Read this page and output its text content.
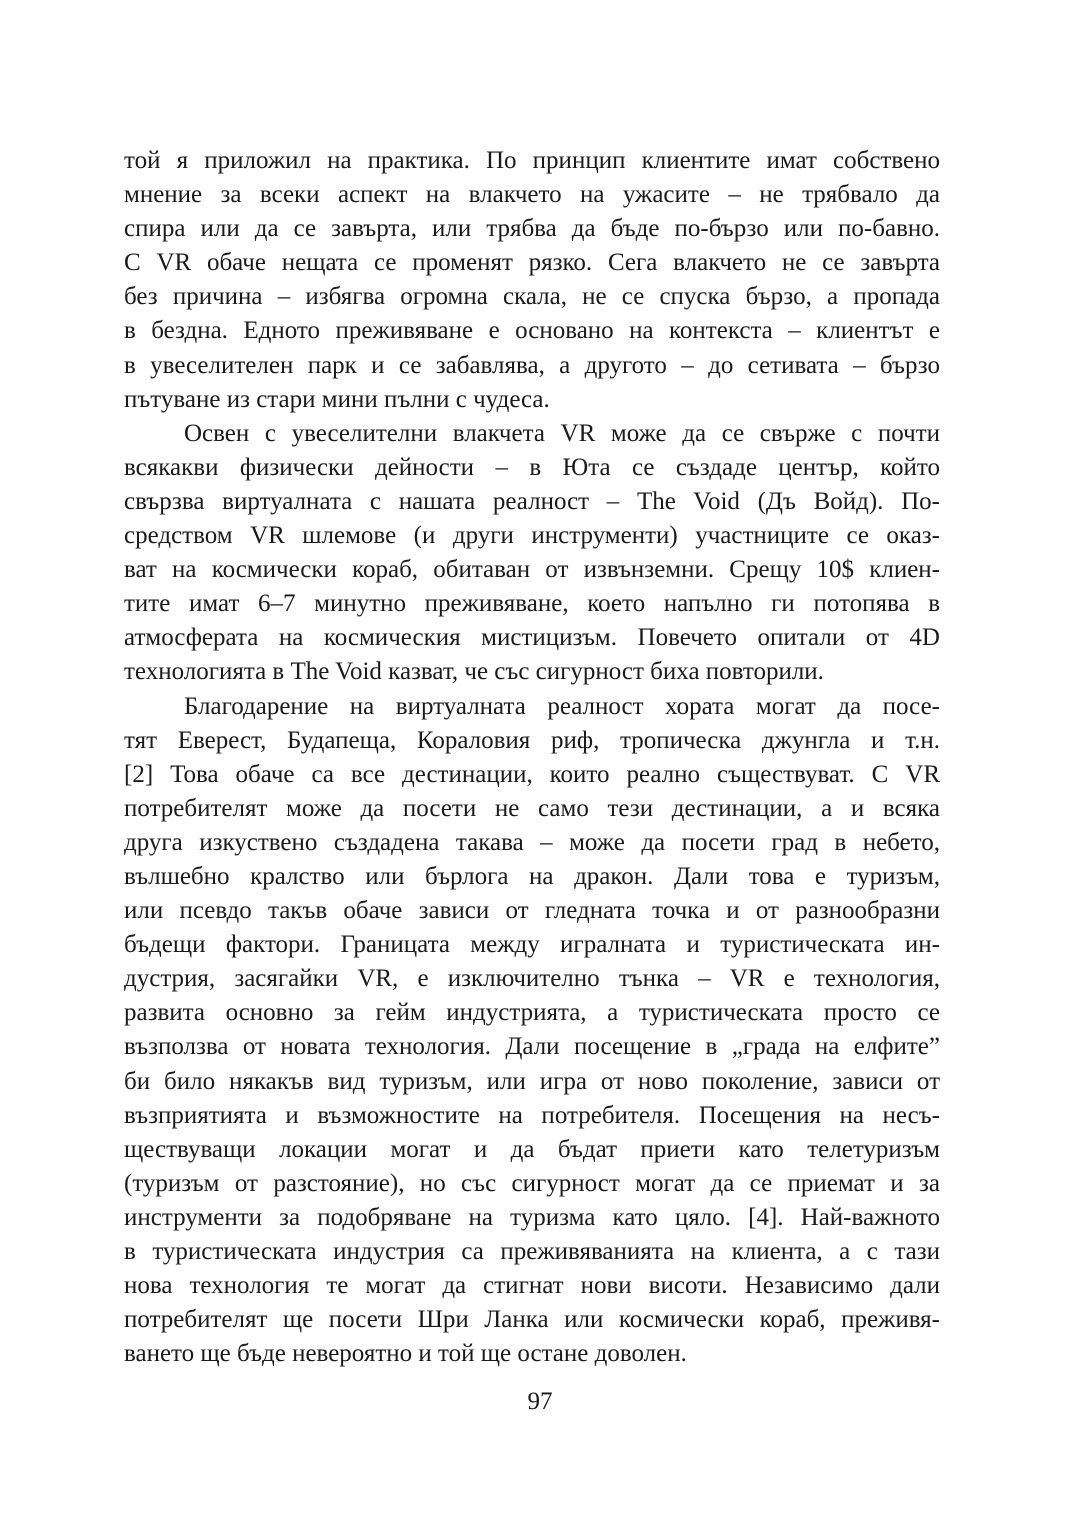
той я приложил на практика. По принцип клиентите имат собствено
мнение за всеки аспект на влакчето на ужасите – не трябвало да
спира или да се завърта, или трябва да бъде по-бързо или по-бавно.
С VR обаче нещата се променят рязко. Сега влакчето не се завърта
без причина – избягва огромна скала, не се спуска бързо, а пропада
в бездна. Едното преживяване е основано на контекста – клиентът е
в увеселителен парк и се забавлява, а другото – до сетивата – бързо
пътуване из стари мини пълни с чудеса.
Освен с увеселителни влакчета VR може да се свърже с почти
всякакви физически дейности – в Юта се създаде център, който
свързва виртуалната с нашата реалност – The Void (Дъ Войд). По-
средством VR шлемове (и други инструменти) участниците се оказ-
ват на космически кораб, обитаван от извънземни. Срещу 10$ клиен-
тите имат 6–7 минутно преживяване, което напълно ги потопява в
атмосферата на космическия мистицизъм. Повечето опитали от 4D
технологията в The Void казват, че със сигурност биха повторили.
Благодарение на виртуалната реалност хората могат да посе-
тят Еверест, Будапеща, Кораловия риф, тропическа джунгла и т.н.
[2] Това обаче са все дестинации, които реално съществуват. С VR
потребителят може да посети не само тези дестинации, а и всяка
друга изкуствено създадена такава – може да посети град в небето,
вълшебно кралство или бърлога на дракон. Дали това е туризъм,
или псевдо такъв обаче зависи от гледната точка и от разнообразни
бъдещи фактори. Границата между игралната и туристическата ин-
дустрия, засягайки VR, е изключително тънка – VR е технология,
развита основно за гейм индустрията, а туристическата просто се
възползва от новата технология. Дали посещение в „града на елфите”
би било някакъв вид туризъм, или игра от ново поколение, зависи от
възприятията и възможностите на потребителя. Посещения на несъ-
ществуващи локации могат и да бъдат приети като телетуризъм
(туризъм от разстояние), но със сигурност могат да се приемат и за
инструменти за подобряване на туризма като цяло. [4]. Най-важното
в туристическата индустрия са преживяванията на клиента, а с тази
нова технология те могат да стигнат нови висоти. Независимо дали
потребителят ще посети Шри Ланка или космически кораб, преживя-
ването ще бъде невероятно и той ще остане доволен.
97
